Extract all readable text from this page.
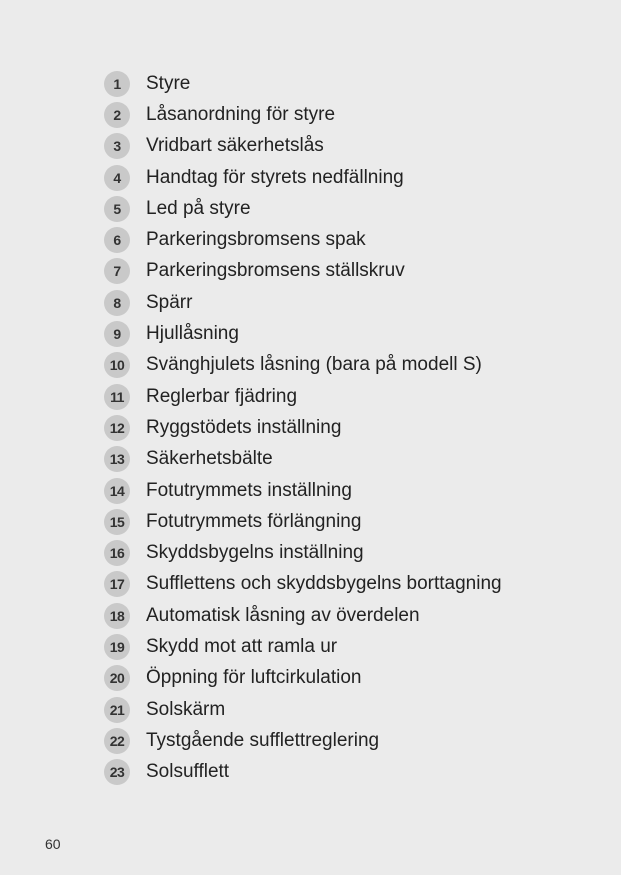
1	Styre
2	Låsanordning för styre
3	Vridbart säkerhetslås
4	Handtag för styrets nedfällning
5	Led på styre
6	Parkeringsbromsens spak
7	Parkeringsbromsens ställskruv
8	Spärr
9	Hjullåsning
10	Svänghjulets låsning (bara på modell S)
11	Reglerbar fjädring
12	Ryggstödets inställning
13	Säkerhetsbälte
14	Fotutrymmets inställning
15	Fotutrymmets förlängning
16	Skyddsbygelns inställning
17	Sufflettens och skyddsbygelns borttagning
18	Automatisk låsning av överdelen
19	Skydd mot att ramla ur
20	Öppning för luftcirkulation
21	Solskärm
22	Tystgående sufflettreglering
23	Solsufflett
60
